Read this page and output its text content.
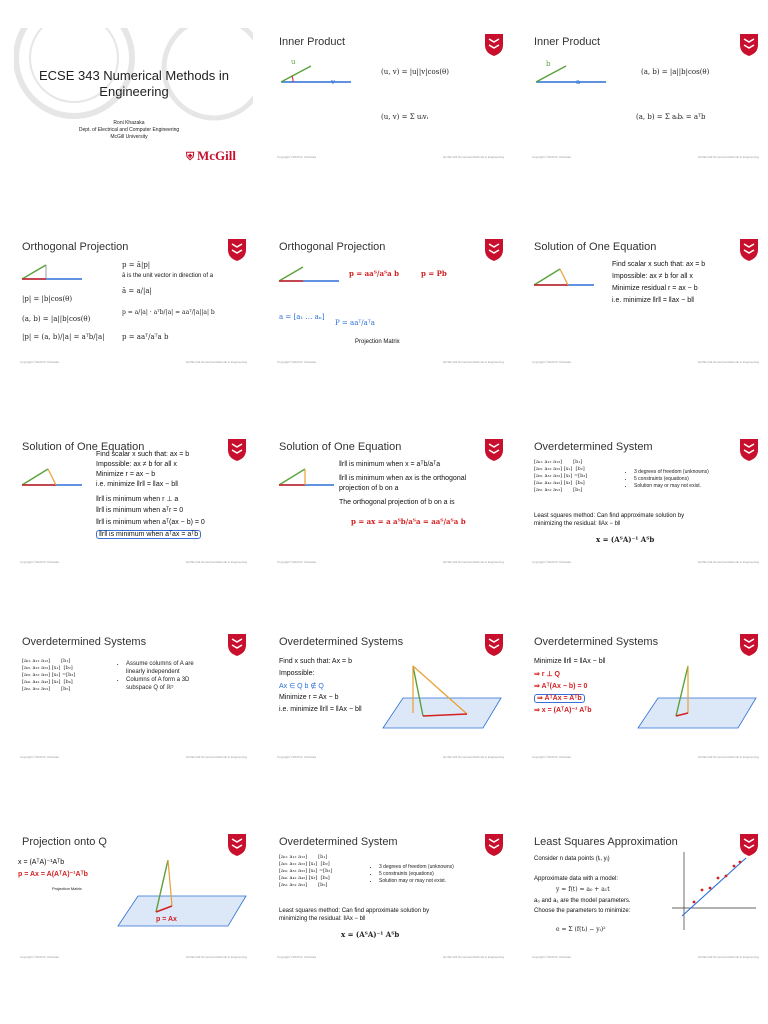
ECSE 343 Numerical Methods in Engineering
Roni Khazaka
Dept. of Electrical and Computer Engineering
McGill University
⛨ McGill
Inner Product
u
v
(u, v) = |u||v|cos(θ)
(u, v) = Σ uᵢvᵢ
Copyright ©2020 R. Khazaka	ECSE 343 Numerical Methods in Engineering
Inner Product
b
a
(a, b) = |a||b|cos(θ)
(a, b) = Σ aᵢbᵢ = aᵀb
Copyright ©2020 R. Khazaka	ECSE 343 Numerical Methods in Engineering
Orthogonal Projection
|p| = |b|cos(θ)
(a, b) = |a||b|cos(θ)
|p| = (a, b)/|a| = aᵀb/|a|
p = ā|p|
ā is the unit vector in direction of a
ā = a/|a|
p = a/|a| · aᵀb/|a| = aaᵀ/|a||a| b
p = aaᵀ/aᵀa b
Copyright ©2020 R. Khazaka	ECSE 343 Numerical Methods in Engineering
Orthogonal Projection
p = aaᵀ/aᵀa b	p = Pb
a = [a₁ … aₙ]
P = aaᵀ/aᵀa
Projection Matrix
Copyright ©2020 R. Khazaka	ECSE 343 Numerical Methods in Engineering
Solution of One Equation
Find scalar x such that: ax = b
Impossible: ax ≠ b for all x
Minimize residual r = ax − b
i.e. minimize ‖r‖ = ‖ax − b‖
Copyright ©2020 R. Khazaka	ECSE 343 Numerical Methods in Engineering
Solution of One Equation
Find scalar x such that: ax = b
Impossible: ax ≠ b for all x
Minimize r = ax − b
i.e. minimize ‖r‖ = ‖ax − b‖
‖r‖ is minimum when r ⊥ a
‖r‖ is minimum when aᵀr = 0
‖r‖ is minimum when aᵀ(ax − b) = 0
‖r‖ is minimum when aᵀax = aᵀb
Copyright ©2020 R. Khazaka	ECSE 343 Numerical Methods in Engineering
Solution of One Equation
‖r‖ is minimum when x = aᵀb/aᵀa
‖r‖ is minimum when ax is the orthogonal
projection of b on a
The orthogonal projection of b on a is
p = ax = a aᵀb/aᵀa = aaᵀ/aᵀa b
Copyright ©2020 R. Khazaka	ECSE 343 Numerical Methods in Engineering
Overdetermined System
[a₁₁ a₁₂ a₁₃]       [b₁]
[a₂₁ a₂₂ a₂₃] [x₁]  [b₂]
[a₃₁ a₃₂ a₃₃] [x₂] =[b₃]
[a₄₁ a₄₂ a₄₃] [x₃]  [b₄]
[a₅₁ a₅₂ a₅₃]       [b₅]
• 3 degrees of freedom (unknowns)
• 5 constraints (equations)
• Solution may or may not exist.
Least squares method: Can find approximate solution by
minimizing the residual: ‖Ax − b‖
x = (AᵀA)⁻¹ Aᵀb
Copyright ©2020 R. Khazaka	ECSE 343 Numerical Methods in Engineering
Overdetermined Systems
[a₁₁ a₁₂ a₁₃]       [b₁]
[a₂₁ a₂₂ a₂₃] [x₁]  [b₂]
[a₃₁ a₃₂ a₃₃] [x₂] =[b₃]
[a₄₁ a₄₂ a₄₃] [x₃]  [b₄]
[a₅₁ a₅₂ a₅₃]       [b₅]
• Assume columns of A are
linearly independent
• Columns of A form a 3D
subspace Q of ℝ⁵
Copyright ©2020 R. Khazaka	ECSE 343 Numerical Methods in Engineering
Overdetermined Systems
Find x such that: Ax = b
Impossible:
Ax ∈ Q b ∉ Q
Minimize r = Ax − b
i.e. minimize ‖r‖ = ‖Ax − b‖
Copyright ©2020 R. Khazaka	ECSE 343 Numerical Methods in Engineering
Overdetermined Systems
Minimize ‖r‖ = ‖Ax − b‖
⇒ r ⊥ Q
⇒ Aᵀ(Ax − b) = 0
⇒ AᵀAx = Aᵀb
⇒ x = (AᵀA)⁻¹ Aᵀb
Copyright ©2020 R. Khazaka	ECSE 343 Numerical Methods in Engineering
Projection onto Q
x = (AᵀA)⁻¹Aᵀb
p = Ax = A(AᵀA)⁻¹Aᵀb
Projection Matrix
p = Ax
Copyright ©2020 R. Khazaka	ECSE 343 Numerical Methods in Engineering
Overdetermined System
[a₁₁ a₁₂ a₁₃]       [b₁]
[a₂₁ a₂₂ a₂₃] [x₁]  [b₂]
[a₃₁ a₃₂ a₃₃] [x₂] =[b₃]
[a₄₁ a₄₂ a₄₃] [x₃]  [b₄]
[a₅₁ a₅₂ a₅₃]       [b₅]
• 3 degrees of freedom (unknowns)
• 5 constraints (equations)
• Solution may or may not exist.
Least squares method: Can find approximate solution by
minimizing the residual: ‖Ax − b‖
x = (AᵀA)⁻¹ Aᵀb
Copyright ©2020 R. Khazaka	ECSE 343 Numerical Methods in Engineering
Least Squares Approximation
Consider n data points (tᵢ, yᵢ)
Approximate data with a model:
y = f(t) = a₀ + a₁t
a₀ and a₁ are the model parameters.
Choose the parameters to minimize:
e = Σ (f(tᵢ) − yᵢ)²
Copyright ©2020 R. Khazaka	ECSE 343 Numerical Methods in Engineering
